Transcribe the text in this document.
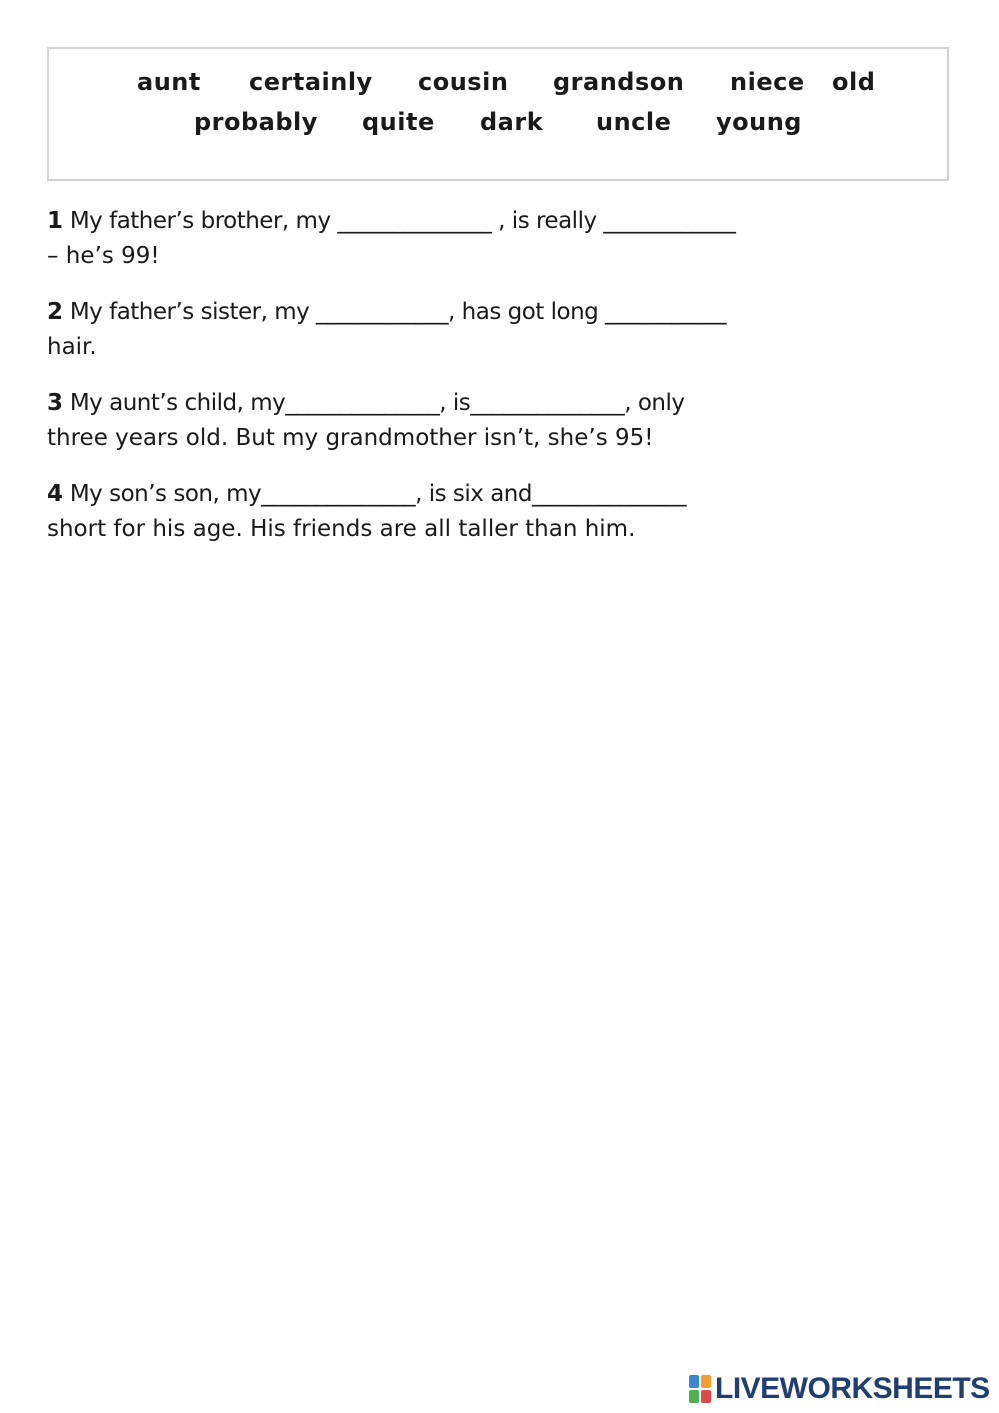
aunt certainly cousin grandson niece old
probably quite dark uncle young
1 My father’s brother, my ______________ , is really ____________
– he’s 99!
2 My father’s sister, my ____________, has got long ___________
hair.
3 My aunt’s child, my______________, is______________, only
three years old. But my grandmother isn’t, she’s 95!
4 My son’s son, my______________, is six and______________
short for his age. His friends are all taller than him.
LIVEWORKSHEETS
